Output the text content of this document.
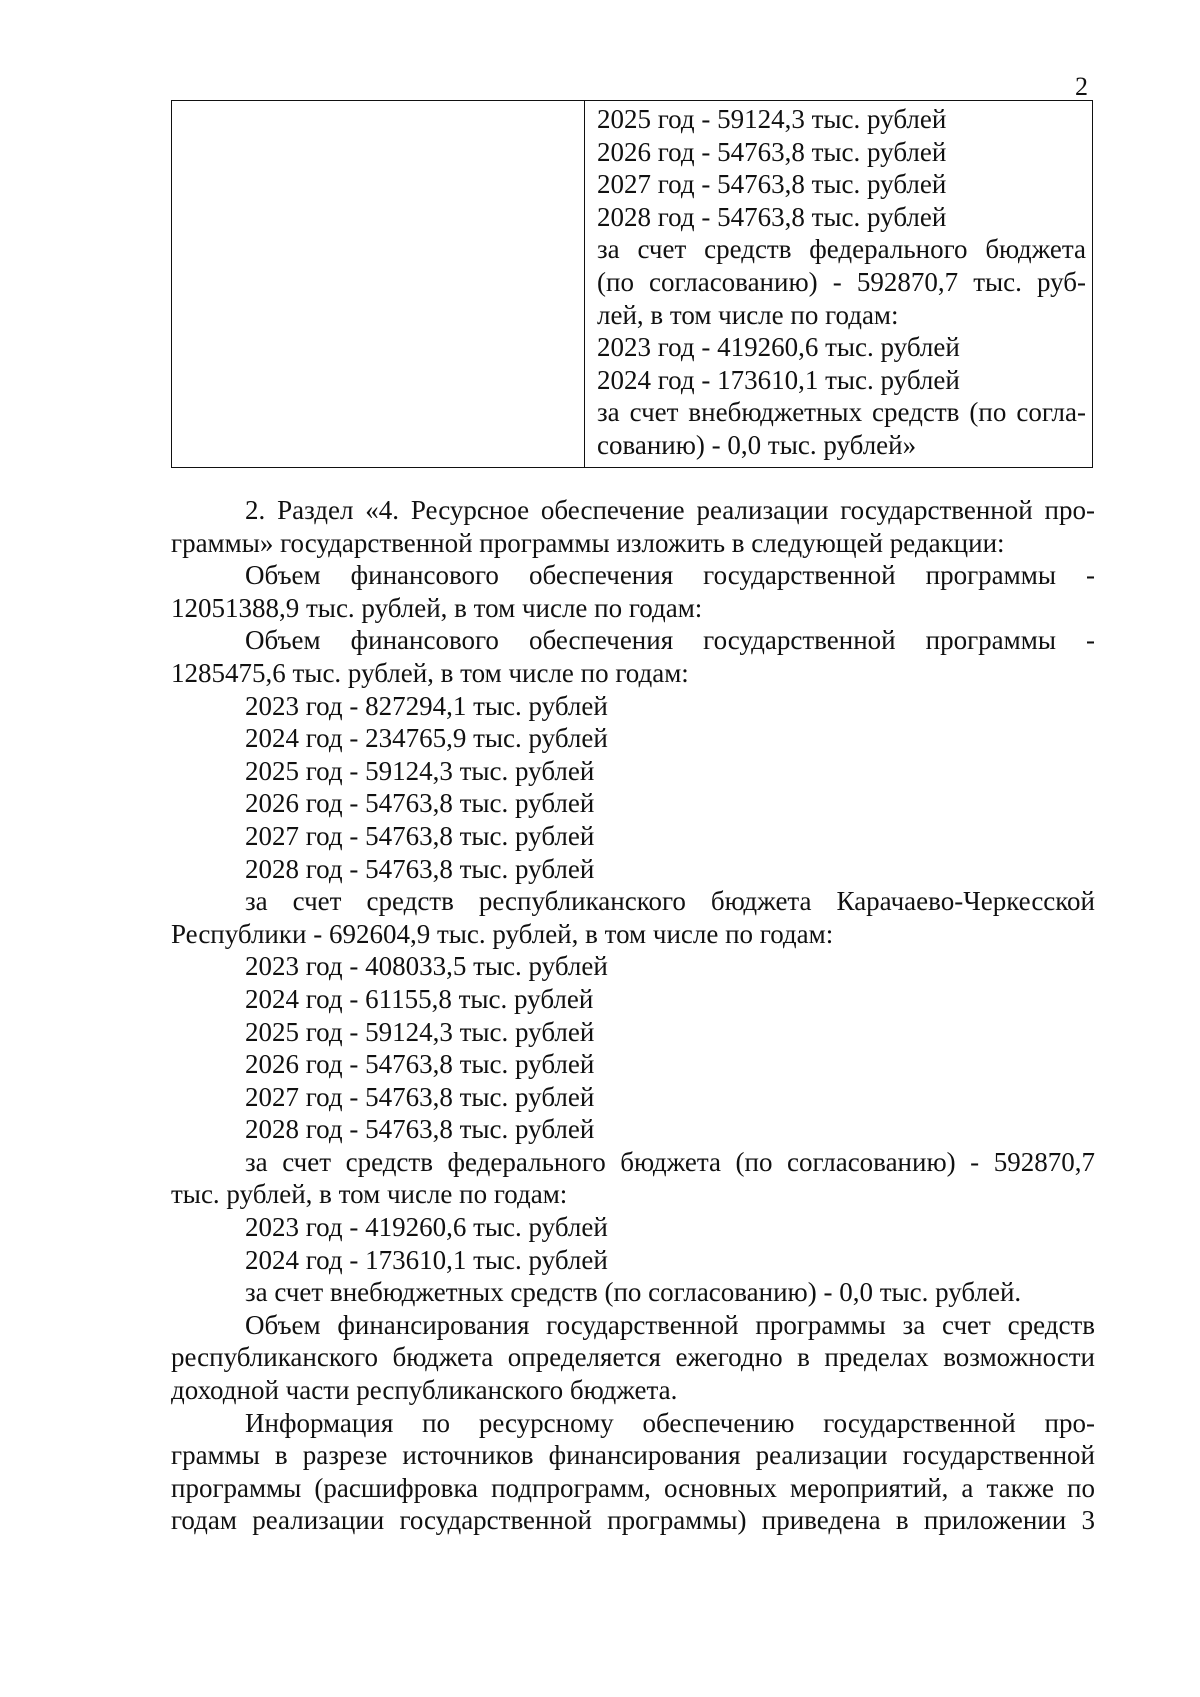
2
2025 год - 59124,3 тыс. рублей
2026 год - 54763,8 тыс. рублей
2027 год - 54763,8 тыс. рублей
2028 год - 54763,8 тыс. рублей
за счет средств федерального бюджета
(по согласованию) - 592870,7 тыс. руб-
лей, в том числе по годам:
2023 год - 419260,6 тыс. рублей
2024 год - 173610,1 тыс. рублей
за счет внебюджетных средств (по согла-
сованию) - 0,0 тыс. рублей»
2. Раздел «4. Ресурсное обеспечение реализации государственной про-
граммы» государственной программы изложить в следующей редакции:
Объем финансового обеспечения государственной программы -
12051388,9 тыс. рублей, в том числе по годам:
Объем финансового обеспечения государственной программы -
1285475,6 тыс. рублей, в том числе по годам:
2023 год - 827294,1 тыс. рублей
2024 год - 234765,9 тыс. рублей
2025 год - 59124,3 тыс. рублей
2026 год - 54763,8 тыс. рублей
2027 год - 54763,8 тыс. рублей
2028 год - 54763,8 тыс. рублей
за счет средств республиканского бюджета Карачаево-Черкесской
Республики - 692604,9 тыс. рублей, в том числе по годам:
2023 год - 408033,5 тыс. рублей
2024 год - 61155,8 тыс. рублей
2025 год - 59124,3 тыс. рублей
2026 год - 54763,8 тыс. рублей
2027 год - 54763,8 тыс. рублей
2028 год - 54763,8 тыс. рублей
за счет средств федерального бюджета (по согласованию) - 592870,7
тыс. рублей, в том числе по годам:
2023 год - 419260,6 тыс. рублей
2024 год - 173610,1 тыс. рублей
за счет внебюджетных средств (по согласованию) - 0,0 тыс. рублей.
Объем финансирования государственной программы за счет средств
республиканского бюджета определяется ежегодно в пределах возможности
доходной части республиканского бюджета.
Информация по ресурсному обеспечению государственной про-
граммы в разрезе источников финансирования реализации государственной
программы (расшифровка подпрограмм, основных мероприятий, а также по
годам реализации государственной программы) приведена в приложении 3
